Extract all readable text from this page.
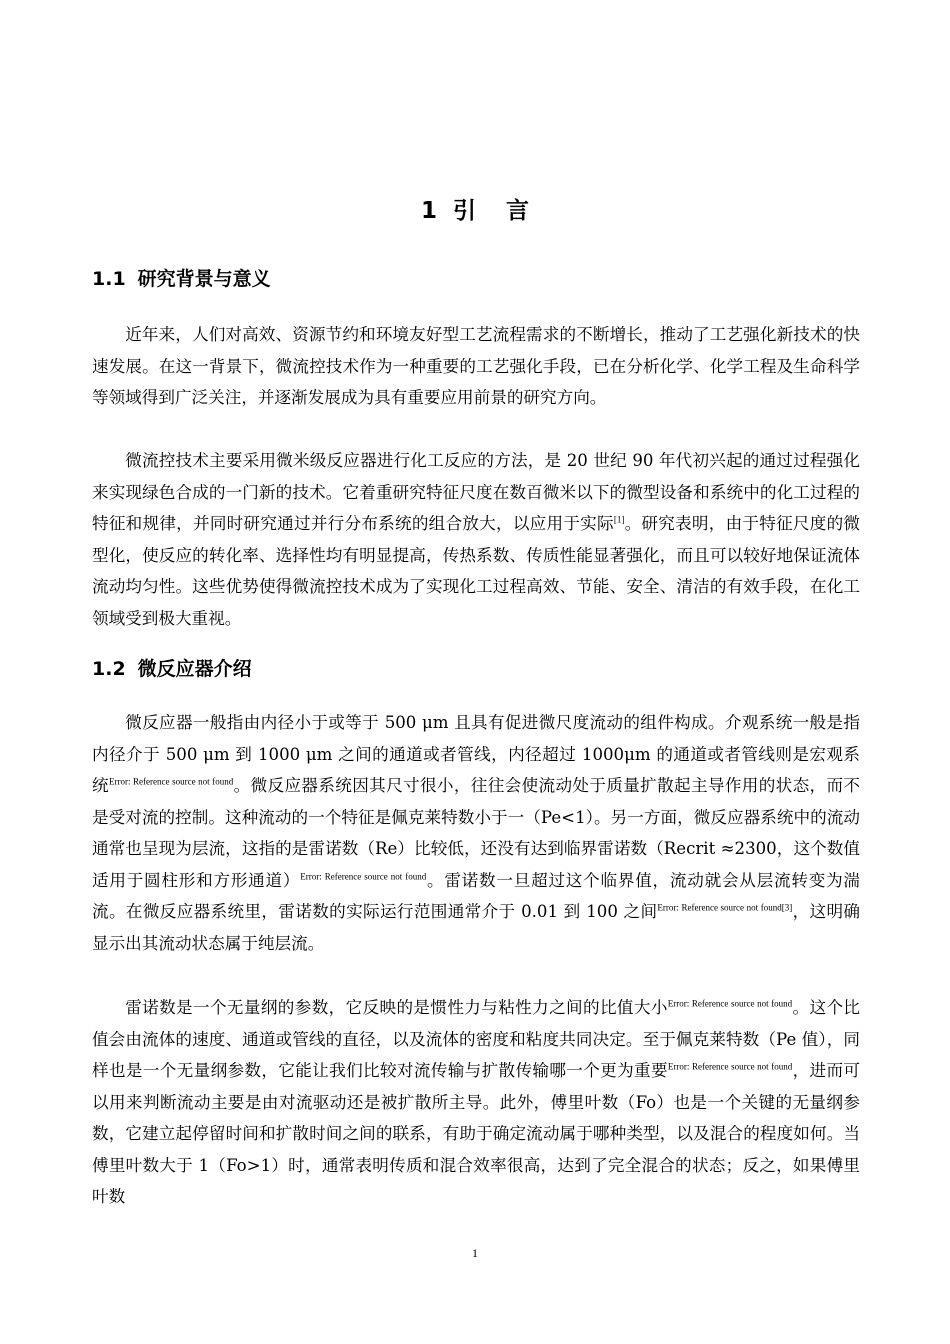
1 引 言
1.1 研究背景与意义

近年来，人们对高效、资源节约和环境友好型工艺流程需求的不断增长，推动了工艺强化新技术的快速发展。在这一背景下，微流控技术作为一种重要的工艺强化手段，已在分析化学、化学工程及生命科学等领域得到广泛关注，并逐渐发展成为具有重要应用前景的研究方向。

微流控技术主要采用微米级反应器进行化工反应的方法，是 20 世纪 90 年代初兴起的通过过程强化来实现绿色合成的一门新的技术。它着重研究特征尺度在数百微米以下的微型设备和系统中的化工过程的特征和规律，并同时研究通过并行分布系统的组合放大，以应用于实际[1]。研究表明，由于特征尺度的微型化，使反应的转化率、选择性均有明显提高，传热系数、传质性能显著强化，而且可以较好地保证流体流动均匀性。这些优势使得微流控技术成为了实现化工过程高效、节能、安全、清洁的有效手段，在化工领域受到极大重视。

1.2 微反应器介绍

微反应器一般指由内径小于或等于 500 μm 且具有促进微尺度流动的组件构成。介观系统一般是指内径介于 500 μm 到 1000 μm 之间的通道或者管线，内径超过 1000μm 的通道或者管线则是宏观系统$^{Error: Reference source not found}$。微反应器系统因其尺寸很小，往往会使流动处于质量扩散起主导作用的状态，而不是受对流的控制。这种流动的一个特征是佩克莱特数小于一（Pe<1）。另一方面，微反应器系统中的流动通常也呈现为层流，这指的是雷诺数（Re）比较低，还没有达到临界雷诺数（Recrit ≈2300，这个数值适用于圆柱形和方形通道）$^{Error: Reference source not found}$。雷诺数一旦超过这个临界值，流动就会从层流转变为湍流。在微反应器系统里，雷诺数的实际运行范围通常介于 0.01 到 100 之间$^{Error: Reference source not found[3]}$，这明确显示出其流动状态属于纯层流。

雷诺数是一个无量纲的参数，它反映的是惯性力与粘性力之间的比值大小$^{Error: Reference source not found}$。这个比值会由流体的速度、通道或管线的直径，以及流体的密度和粘度共同决定。至于佩克莱特数（Pe 值），同样也是一个无量纲参数，它能让我们比较对流传输与扩散传输哪一个更为重要$^{Error: Reference source not found}$，进而可以用来判断流动主要是由对流驱动还是被扩散所主导。此外，傅里叶数（Fo）也是一个关键的无量纲参数，它建立起停留时间和扩散时间之间的联系，有助于确定流动属于哪种类型，以及混合的程度如何。当傅里叶数大于 1（Fo>1）时，通常表明传质和混合效率很高，达到了完全混合的状态；反之，如果傅里叶数

1
